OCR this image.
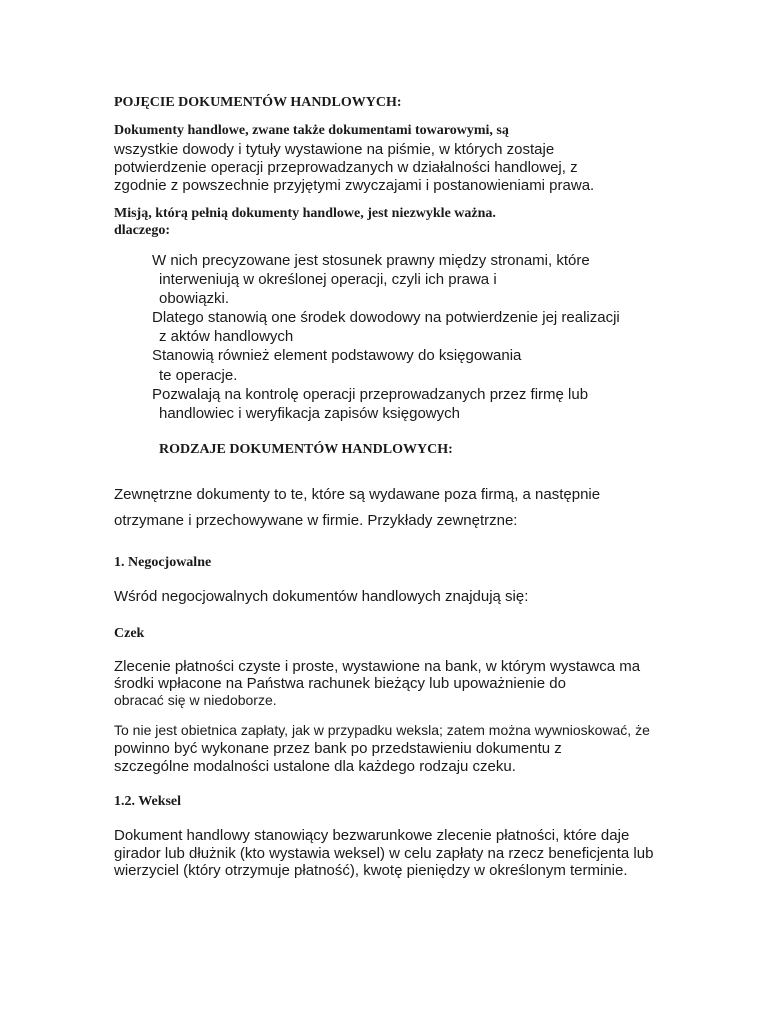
POJĘCIE DOKUMENTÓW HANDLOWYCH:
Dokumenty handlowe, zwane także dokumentami towarowymi, są
wszystkie dowody i tytuły wystawione na piśmie, w których zostaje
potwierdzenie operacji przeprowadzanych w działalności handlowej, z
zgodnie z powszechnie przyjętymi zwyczajami i postanowieniami prawa.
Misją, którą pełnią dokumenty handlowe, jest niezwykle ważna.
dlaczego:
W nich precyzowane jest stosunek prawny między stronami, które
interweniują w określonej operacji, czyli ich prawa i
obowiązki.
Dlatego stanowią one środek dowodowy na potwierdzenie jej realizacji
z aktów handlowych
Stanowią również element podstawowy do księgowania
te operacje.
Pozwalają na kontrolę operacji przeprowadzanych przez firmę lub
handlowiec i weryfikacja zapisów księgowych
RODZAJE DOKUMENTÓW HANDLOWYCH:
Zewnętrzne dokumenty to te, które są wydawane poza firmą, a następnie
otrzymane i przechowywane w firmie. Przykłady zewnętrzne:
1. Negocjowalne
Wśród negocjowalnych dokumentów handlowych znajdują się:
Czek
Zlecenie płatności czyste i proste, wystawione na bank, w którym wystawca ma
środki wpłacone na Państwa rachunek bieżący lub upoważnienie do
obracać się w niedoborze.
To nie jest obietnica zapłaty, jak w przypadku weksla; zatem można wywnioskować, że
powinno być wykonane przez bank po przedstawieniu dokumentu z
szczególne modalności ustalone dla każdego rodzaju czeku.
1.2. Weksel
Dokument handlowy stanowiący bezwarunkowe zlecenie płatności, które daje
girador lub dłużnik (kto wystawia weksel) w celu zapłaty na rzecz beneficjenta lub
wierzyciel (który otrzymuje płatność), kwotę pieniędzy w określonym terminie.
